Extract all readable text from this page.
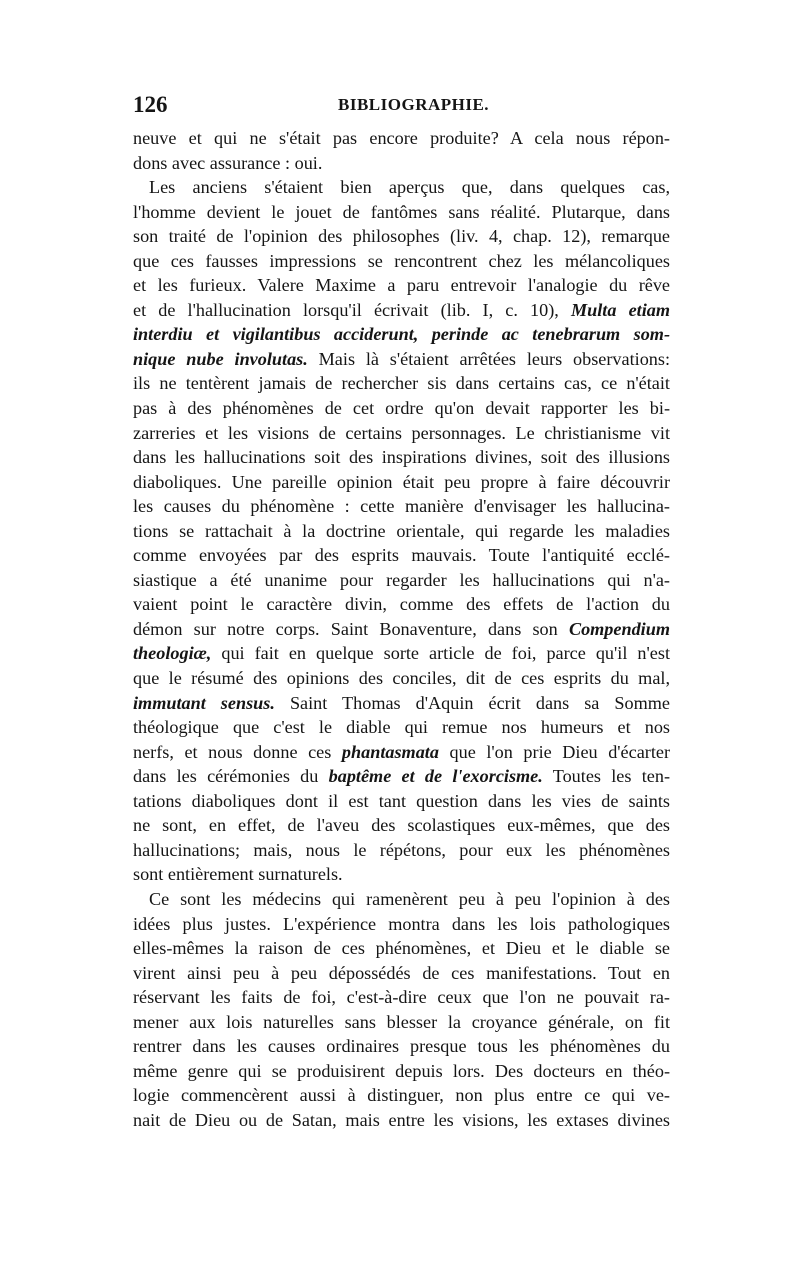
126	BIBLIOGRAPHIE.
neuve et qui ne s'était pas encore produite? A cela nous répon-
dons avec assurance : oui.
Les anciens s'étaient bien aperçus que, dans quelques cas,
l'homme devient le jouet de fantômes sans réalité. Plutarque, dans
son traité de l'opinion des philosophes (liv. 4, chap. 12), remarque
que ces fausses impressions se rencontrent chez les mélancoliques
et les furieux. Valere Maxime a paru entrevoir l'analogie du rêve
et de l'hallucination lorsqu'il écrivait (lib. I, c. 10), Multa etiam
interdiu et vigilantibus acciderunt, perinde ac tenebrarum som-
nique nube involutas. Mais là s'étaient arrêtées leurs observations:
ils ne tentèrent jamais de rechercher sis dans certains cas, ce n'était
pas à des phénomènes de cet ordre qu'on devait rapporter les bi-
zarreries et les visions de certains personnages. Le christianisme vit
dans les hallucinations soit des inspirations divines, soit des illusions
diaboliques. Une pareille opinion était peu propre à faire découvrir
les causes du phénomène : cette manière d'envisager les hallucina-
tions se rattachait à la doctrine orientale, qui regarde les maladies
comme envoyées par des esprits mauvais. Toute l'antiquité ecclé-
siastique a été unanime pour regarder les hallucinations qui n'a-
vaient point le caractère divin, comme des effets de l'action du
démon sur notre corps. Saint Bonaventure, dans son Compendium
theologiæ, qui fait en quelque sorte article de foi, parce qu'il n'est
que le résumé des opinions des conciles, dit de ces esprits du mal,
immutant sensus. Saint Thomas d'Aquin écrit dans sa Somme
théologique que c'est le diable qui remue nos humeurs et nos
nerfs, et nous donne ces phantasmata que l'on prie Dieu d'écarter
dans les cérémonies du baptême et de l'exorcisme. Toutes les ten-
tations diaboliques dont il est tant question dans les vies de saints
ne sont, en effet, de l'aveu des scolastiques eux-mêmes, que des
hallucinations; mais, nous le répétons, pour eux les phénomènes
sont entièrement surnaturels.
Ce sont les médecins qui ramenèrent peu à peu l'opinion à des
idées plus justes. L'expérience montra dans les lois pathologiques
elles-mêmes la raison de ces phénomènes, et Dieu et le diable se
virent ainsi peu à peu dépossédés de ces manifestations. Tout en
réservant les faits de foi, c'est-à-dire ceux que l'on ne pouvait ra-
mener aux lois naturelles sans blesser la croyance générale, on fit
rentrer dans les causes ordinaires presque tous les phénomènes du
même genre qui se produisirent depuis lors. Des docteurs en théo-
logie commencèrent aussi à distinguer, non plus entre ce qui ve-
nait de Dieu ou de Satan, mais entre les visions, les extases divines
